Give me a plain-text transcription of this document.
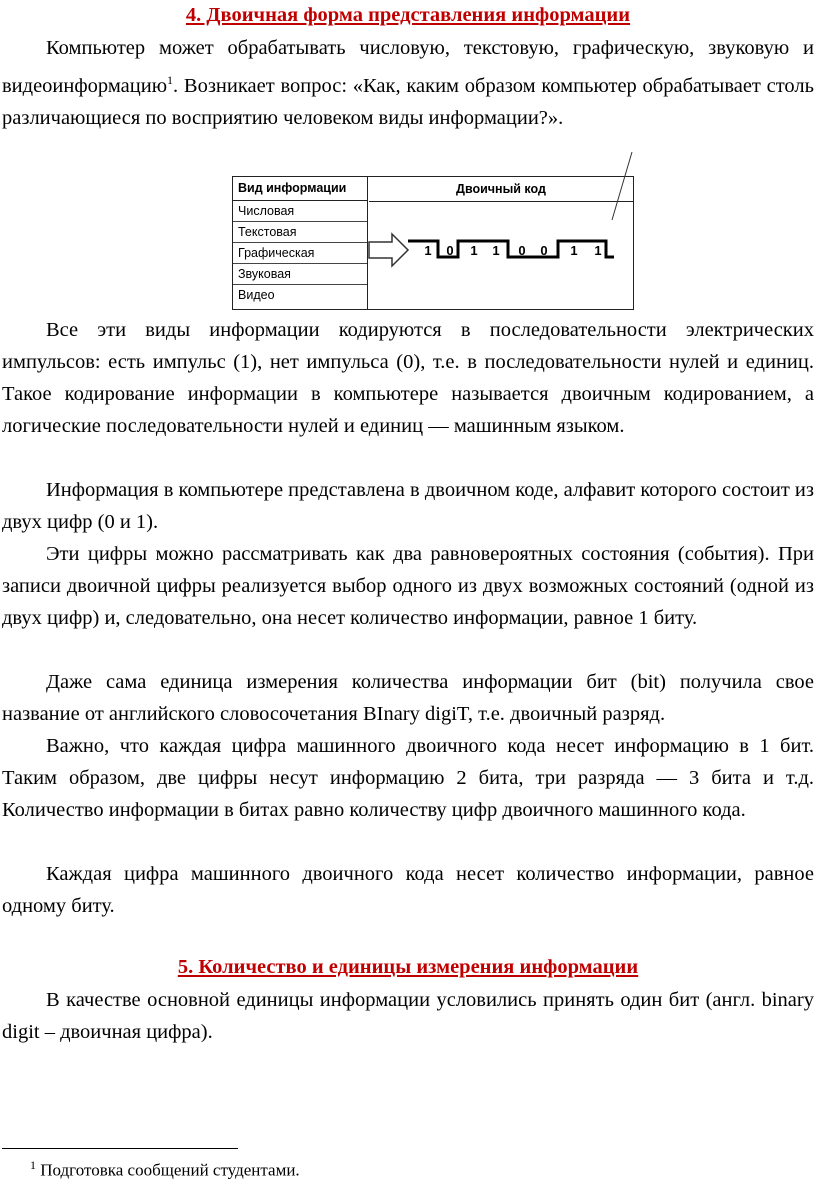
4. Двоичная форма представления информации

Компьютер может обрабатывать числовую, текстовую, графическую, звуковую и видеоинформацию$^1$. Возникает вопрос: «Как, каким образом компьютер обрабатывает столь различающиеся по восприятию человеком виды информации?».

Вид информации
Числовая
Текстовая
Графическая
Звуковая
Видео
Двоичный код
1 0 1 1 0 0 1 1

Все эти виды информации кодируются в последовательности электрических импульсов: есть импульс (1), нет импульса (0), т.е. в последовательности нулей и единиц. Такое кодирование информации в компьютере называется двоичным кодированием, а логические последовательности нулей и единиц — машинным языком.

Информация в компьютере представлена в двоичном коде, алфавит которого состоит из двух цифр (0 и 1).

Эти цифры можно рассматривать как два равновероятных состояния (события). При записи двоичной цифры реализуется выбор одного из двух возможных состояний (одной из двух цифр) и, следовательно, она несет количество информации, равное 1 биту.

Даже сама единица измерения количества информации бит (bit) получила свое название от английского словосочетания BInary digiT, т.е. двоичный разряд.

Важно, что каждая цифра машинного двоичного кода несет информацию в 1 бит. Таким образом, две цифры несут информацию 2 бита, три разряда — 3 бита и т.д. Количество информации в битах равно количеству цифр двоичного машинного кода.

Каждая цифра машинного двоичного кода несет количество информации, равное одному биту.

5. Количество и единицы измерения информации

В качестве основной единицы информации условились принять один бит (англ. binary digit – двоичная цифра).

$^1$ Подготовка сообщений студентами.
